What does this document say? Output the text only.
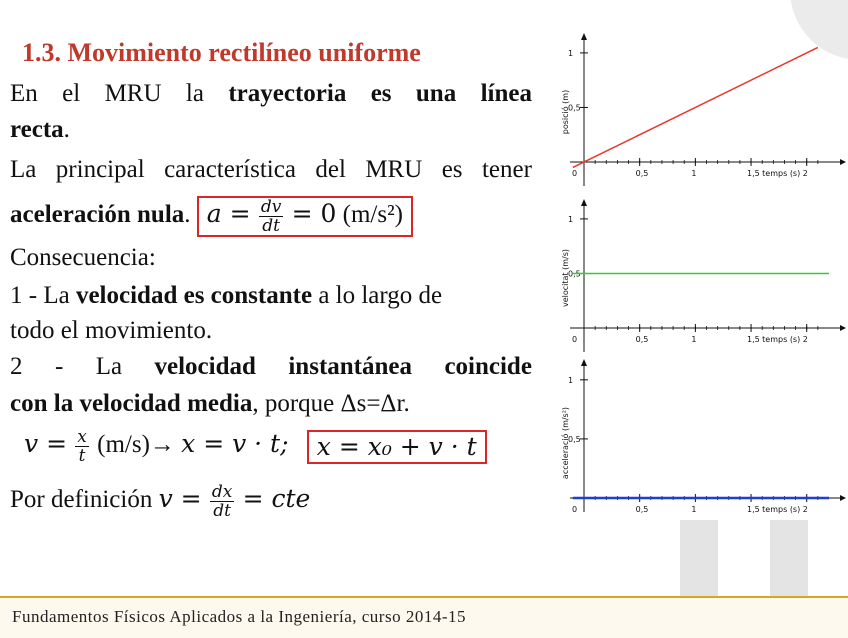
1.3. Movimiento rectilíneo uniforme
En el MRU la trayectoria es una línea
recta.
La principal característica del MRU es tener
aceleración nula. $a = \frac{dv}{dt} = 0$ (m/s²)
Consecuencia:
1 - La velocidad es constante a lo largo de
todo el movimiento.
2 - La velocidad instantánea coincide
con la velocidad media, porque Δs=Δr.
$v = \frac{x}{t} (m/s)\to x = v \cdot t$; x = x₀ + v · t
Por definición $v = \frac{dx}{dt}$ = cte
0	0,5	1	1,5	2
0,5
1
temps (s)
posició (m)
0	0,5	1	1,5	2
0,5
1
temps (s)
velocitat (m/s)
0	0,5	1	1,5	2
0,5
1
temps (s)
acceleració (m/s²)
Fundamentos Físicos Aplicados a la Ingeniería, curso 2014-15
